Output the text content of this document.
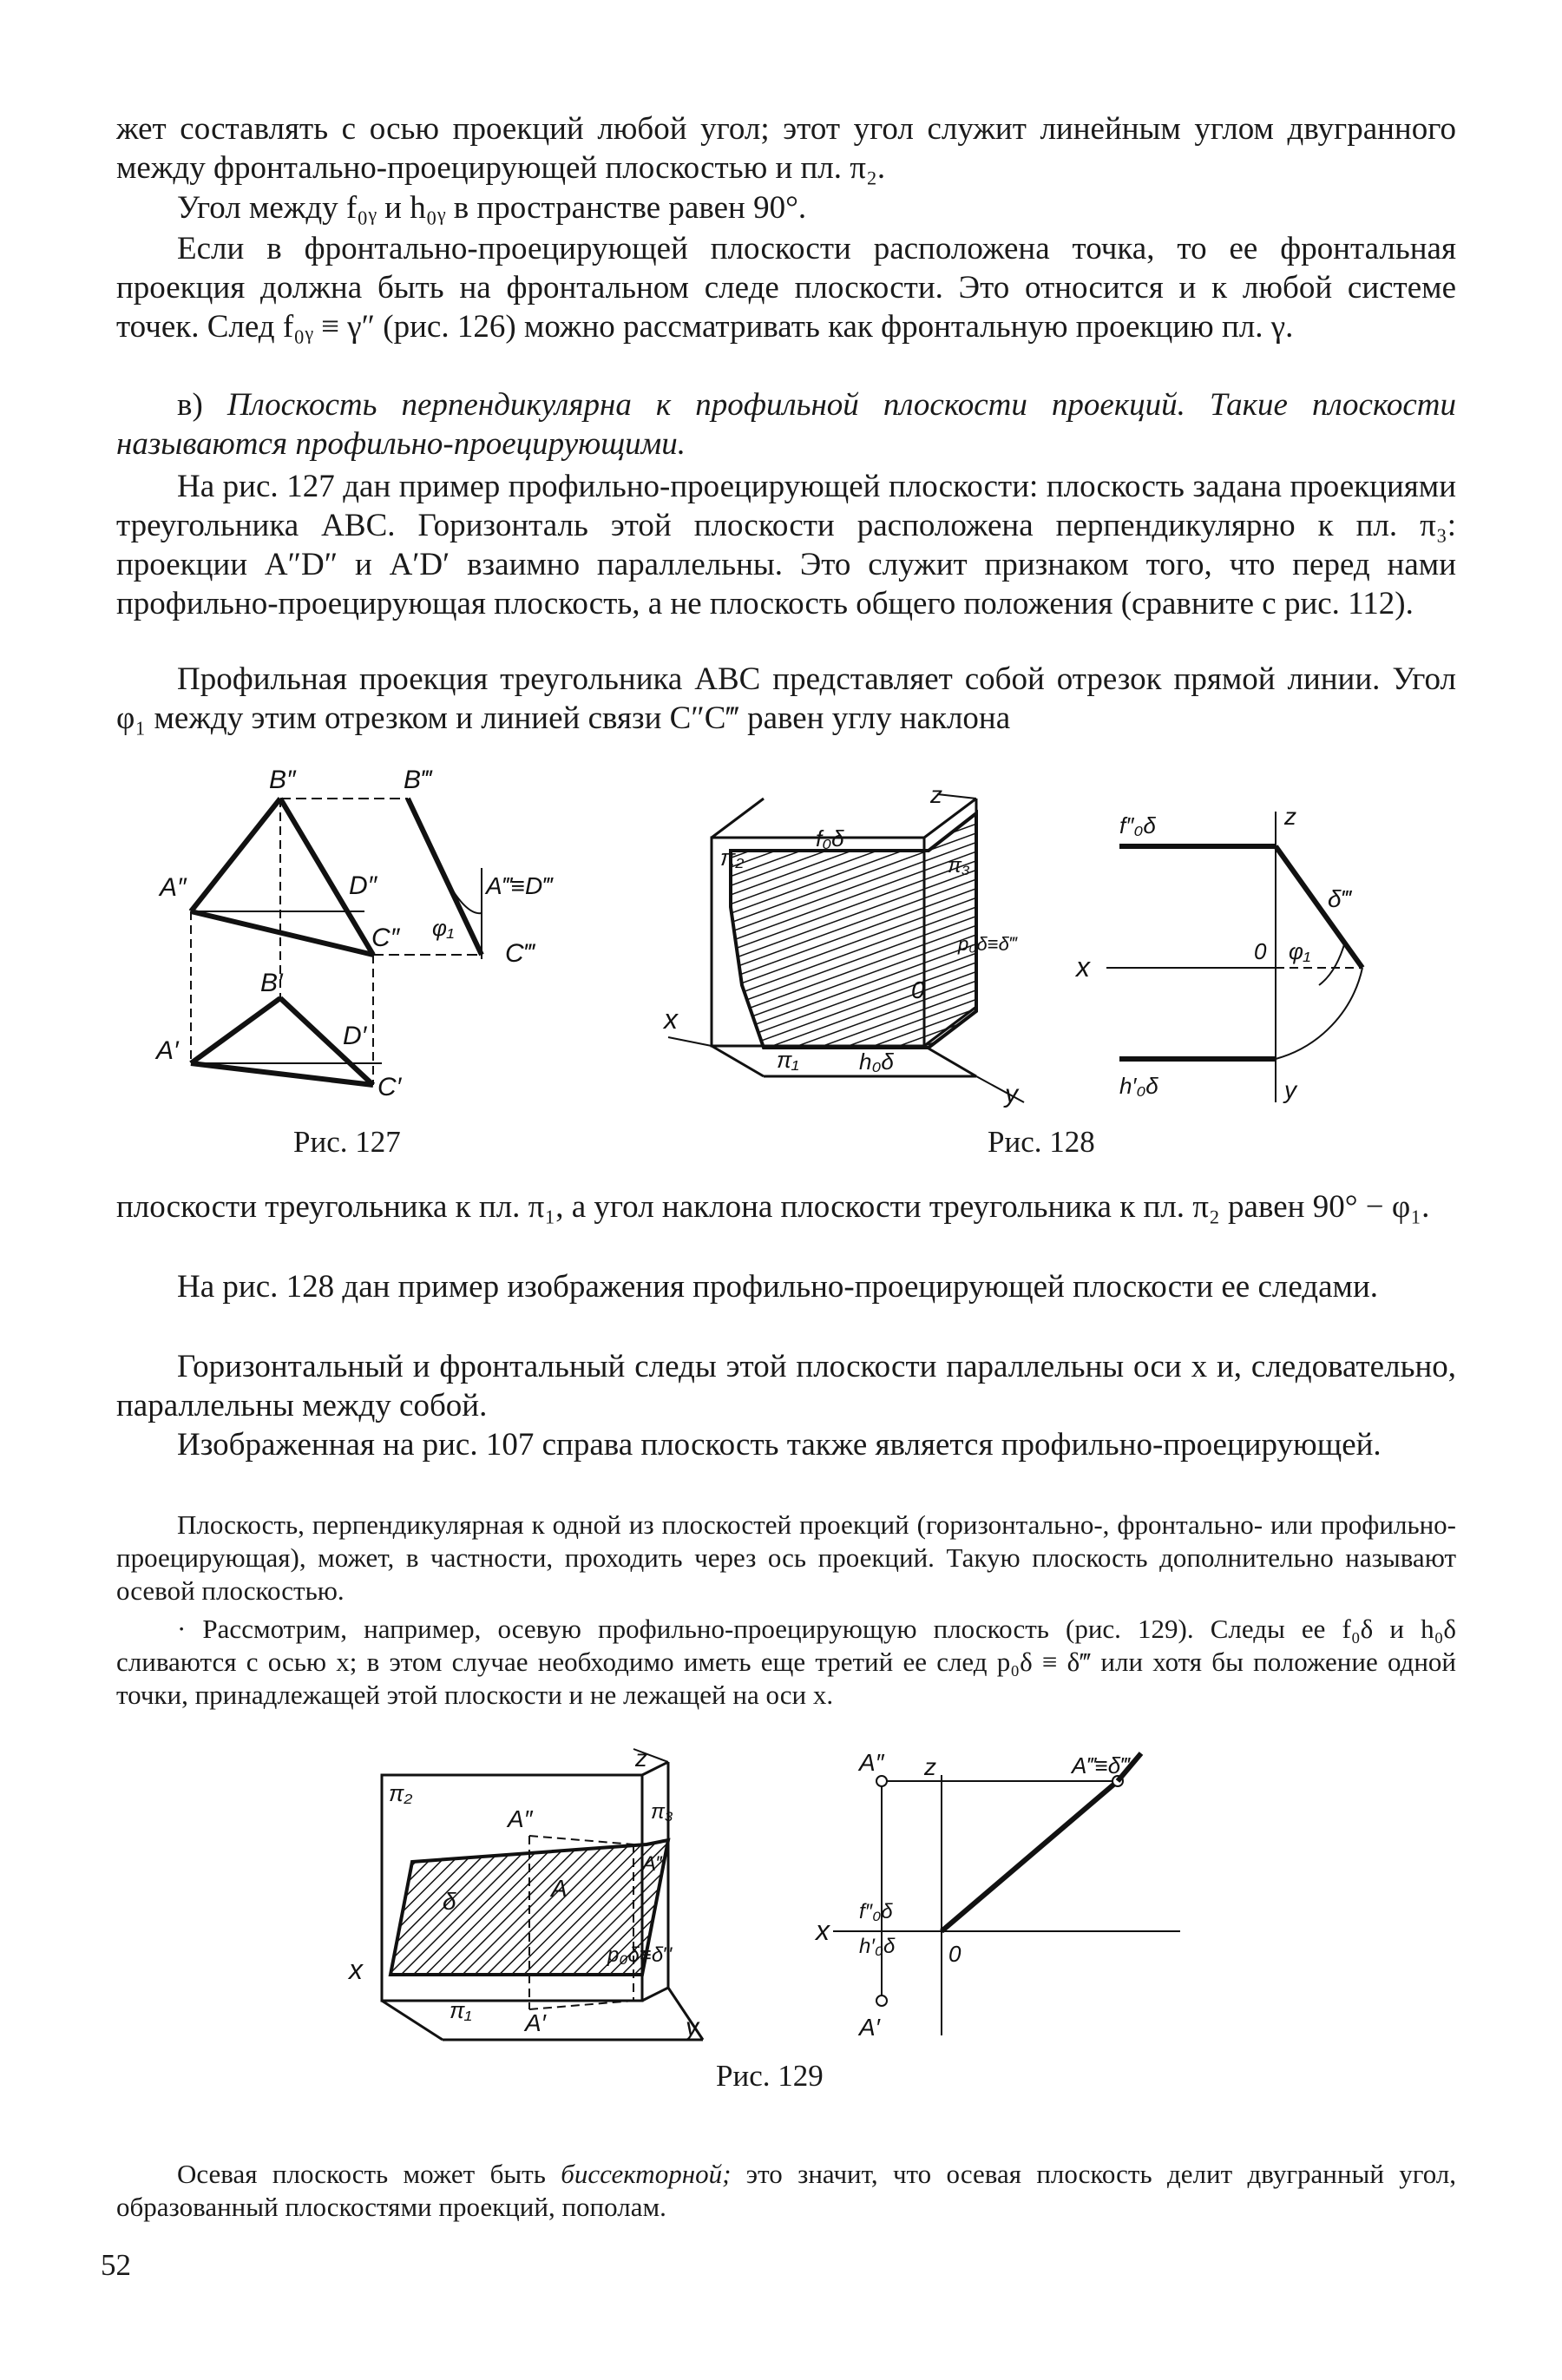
жет составлять с осью проекций любой угол; этот угол служит линейным углом двугранного между фронтально-проецирующей плоскостью и пл. π₂.

Угол между f₀ᵧ и h₀ᵧ в пространстве равен 90°.

Если в фронтально-проецирующей плоскости расположена точка, то ее фронтальная проекция должна быть на фронтальном следе плоскости. Это относится и к любой системе точек. След f₀ᵧ ≡ γ″ (рис. 126) можно рассматривать как фронтальную проекцию пл. γ.

в) Плоскость перпендикулярна к профильной плоскости проекций. Такие плоскости называются профильно-проецирующими.

На рис. 127 дан пример профильно-проецирующей плоскости: плоскость задана проекциями треугольника ABC. Горизонталь этой плоскости расположена перпендикулярно к пл. π₃: проекции A″D″ и A′D′ взаимно параллельны. Это служит признаком того, что перед нами профильно-проецирующая плоскость, а не плоскость общего положения (сравните с рис. 112).

Профильная проекция треугольника ABC представляет собой отрезок прямой линии. Угол φ₁ между этим отрезком и линией связи C″C‴ равен углу наклона

B″	B‴
A″	D″	A‴≡D‴
C″ φ₁
C‴
B′
A′
D′
C′
Рис. 127
z
π₂
f₀δ
π₃
p₀δ≡δ‴
0
x
π₁	h₀δ
y
f″₀δ	z
δ‴
x	0 φ₁
h′₀δ	y
Рис. 128

плоскости треугольника к пл. π₁, а угол наклона плоскости треугольника к пл. π₂ равен 90° − φ₁.

На рис. 128 дан пример изображения профильно-проецирующей плоскости ее следами.

Горизонтальный и фронтальный следы этой плоскости параллельны оси x и, следовательно, параллельны между собой.

Изображенная на рис. 107 справа плоскость также является профильно-проецирующей.

Плоскость, перпендикулярная к одной из плоскостей проекций (горизонтально-, фронтально- или профильно-проецирующая), может, в частности, проходить через ось проекций. Такую плоскость дополнительно называют осевой плоскостью.

· Рассмотрим, например, осевую профильно-проецирующую плоскость (рис. 129). Следы ее f₀δ и h₀δ сливаются с осью x; в этом случае необходимо иметь еще третий ее след p₀δ ≡ δ‴ или хотя бы положение одной точки, принадлежащей этой плоскости и не лежащей на оси x.

π₂
z
A″
δ	A
π₃
A‴
p₀δ≡δ‴
x
π₁ A′	y
A″ z	A‴≡δ‴
x
f″₀δ
h′₀δ 0
A′
Рис. 129

Осевая плоскость может быть биссекторной; это значит, что осевая плоскость делит двугранный угол, образованный плоскостями проекций, пополам.

52
